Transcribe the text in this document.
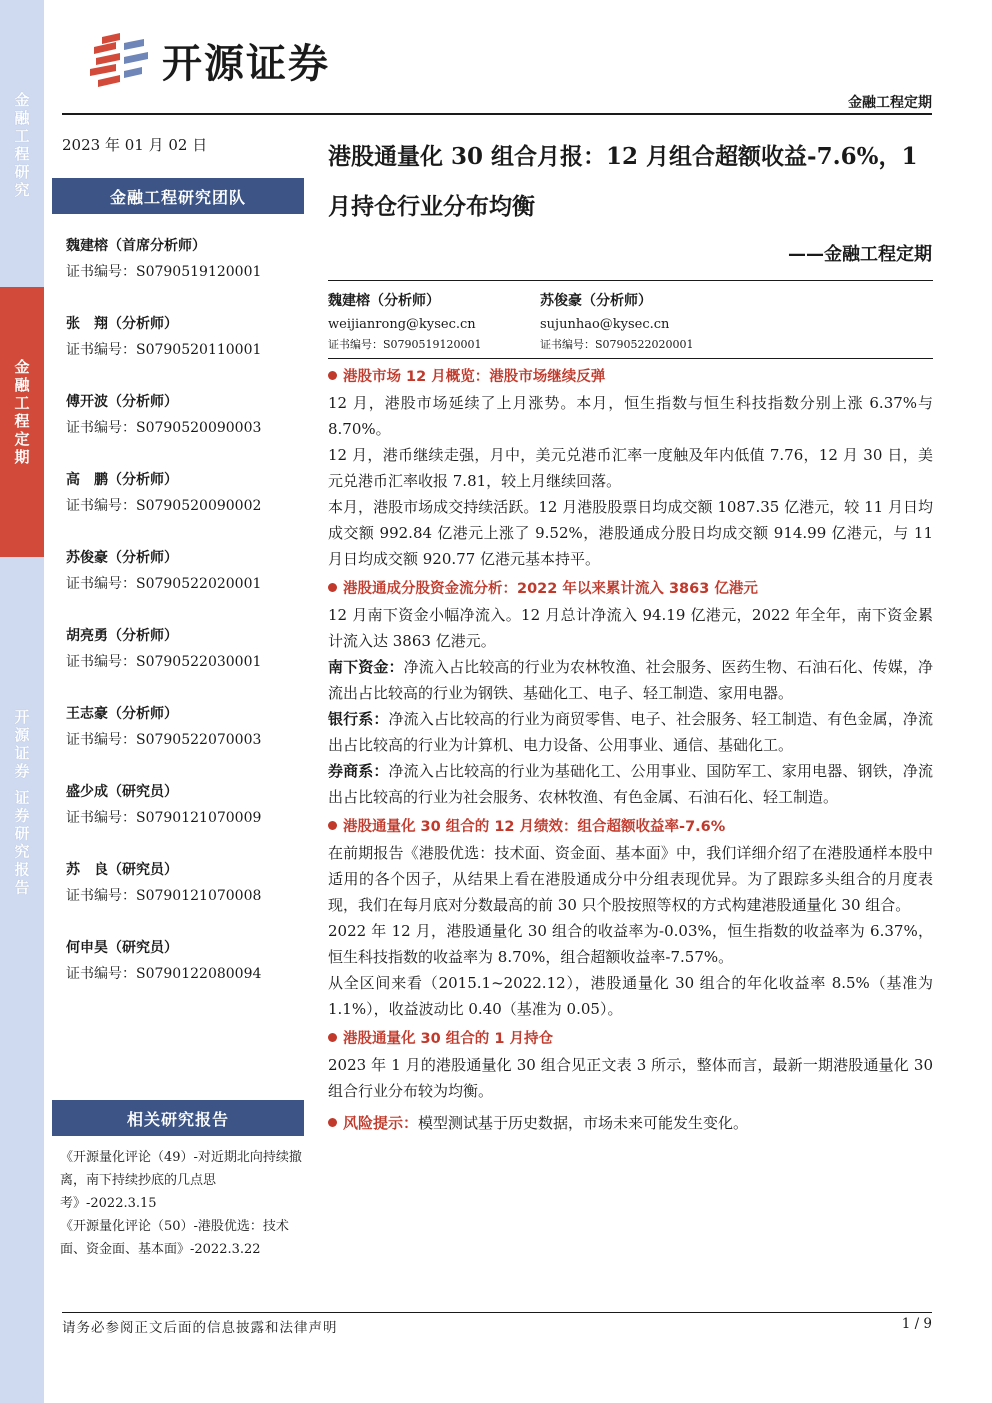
金融工程研究
金融工程定期
开源证券 证券研究报告
开源证券
金融工程定期
2023 年 01 月 02 日
金融工程研究团队
魏建榕（首席分析师）
证书编号：S0790519120001
张　翔（分析师）
证书编号：S0790520110001
傅开波（分析师）
证书编号：S0790520090003
高　鹏（分析师）
证书编号：S0790520090002
苏俊豪（分析师）
证书编号：S0790522020001
胡亮勇（分析师）
证书编号：S0790522030001
王志豪（分析师）
证书编号：S0790522070003
盛少成（研究员）
证书编号：S0790121070009
苏　良（研究员）
证书编号：S0790121070008
何申昊（研究员）
证书编号：S0790122080094
相关研究报告
《开源量化评论（49）-对近期北向持续撤离，南下持续抄底的几点思考》-2022.3.15
《开源量化评论（50）-港股优选：技术面、资金面、基本面》-2022.3.22
港股通量化 30 组合月报：12 月组合超额收益-7.6%，1 月持仓行业分布均衡
——金融工程定期
魏建榕（分析师）
weijianrong@kysec.cn
证书编号：S0790519120001
苏俊豪（分析师）
sujunhao@kysec.cn
证书编号：S0790522020001
港股市场 12 月概览：港股市场继续反弹

12 月，港股市场延续了上月涨势。本月，恒生指数与恒生科技指数分别上涨 6.37%与 8.70%。

12 月，港币继续走强，月中，美元兑港币汇率一度触及年内低值 7.76，12 月 30 日，美元兑港币汇率收报 7.81，较上月继续回落。

本月，港股市场成交持续活跃。12 月港股股票日均成交额 1087.35 亿港元，较 11 月日均成交额 992.84 亿港元上涨了 9.52%，港股通成分股日均成交额 914.99 亿港元，与 11 月日均成交额 920.77 亿港元基本持平。

港股通成分股资金流分析：2022 年以来累计流入 3863 亿港元

12 月南下资金小幅净流入。12 月总计净流入 94.19 亿港元，2022 年全年，南下资金累计流入达 3863 亿港元。

南下资金：净流入占比较高的行业为农林牧渔、社会服务、医药生物、石油石化、传媒，净流出占比较高的行业为钢铁、基础化工、电子、轻工制造、家用电器。

银行系：净流入占比较高的行业为商贸零售、电子、社会服务、轻工制造、有色金属，净流出占比较高的行业为计算机、电力设备、公用事业、通信、基础化工。

券商系：净流入占比较高的行业为基础化工、公用事业、国防军工、家用电器、钢铁，净流出占比较高的行业为社会服务、农林牧渔、有色金属、石油石化、轻工制造。

港股通量化 30 组合的 12 月绩效：组合超额收益率-7.6%

在前期报告《港股优选：技术面、资金面、基本面》中，我们详细介绍了在港股通样本股中适用的各个因子，从结果上看在港股通成分中分组表现优异。为了跟踪多头组合的月度表现，我们在每月底对分数最高的前 30 只个股按照等权的方式构建港股通量化 30 组合。

2022 年 12 月，港股通量化 30 组合的收益率为-0.03%，恒生指数的收益率为 6.37%，恒生科技指数的收益率为 8.70%，组合超额收益率-7.57%。

从全区间来看（2015.1~2022.12），港股通量化 30 组合的年化收益率 8.5%（基准为 1.1%），收益波动比 0.40（基准为 0.05）。

港股通量化 30 组合的 1 月持仓

2023 年 1 月的港股通量化 30 组合见正文表 3 所示，整体而言，最新一期港股通量化 30 组合行业分布较为均衡。

风险提示：模型测试基于历史数据，市场未来可能发生变化。

请务必参阅正文后面的信息披露和法律声明	1 / 9
